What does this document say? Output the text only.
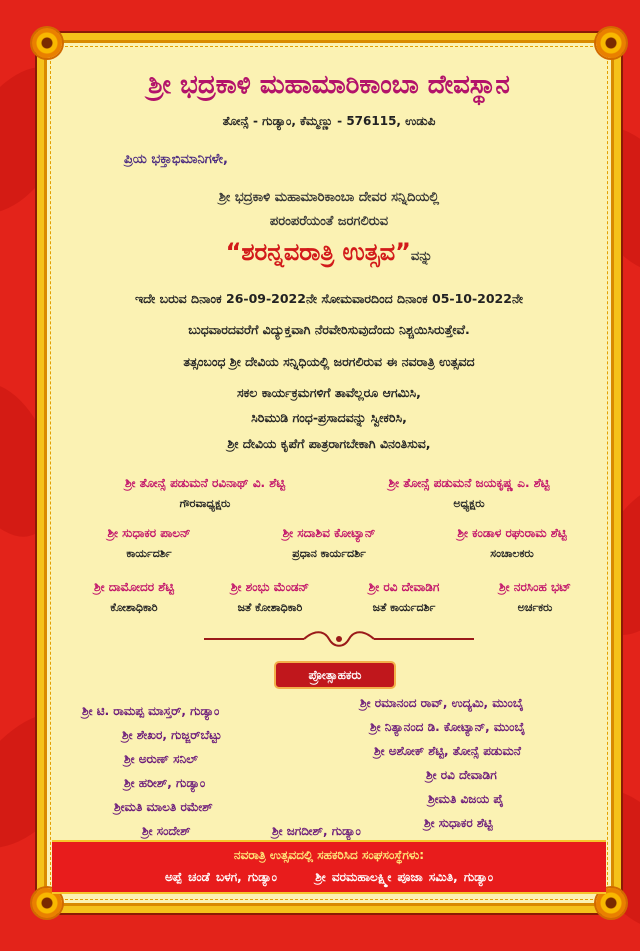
ಶ್ರೀ ಭದ್ರಕಾಳಿ ಮಹಾಮಾರಿಕಾಂಬಾ ದೇವಸ್ಥಾನ
ತೋನ್ಸೆ - ಗುಡ್ಯಾಂ, ಕೆಮ್ಮಣ್ಣು - 576115, ಉಡುಪಿ
ಪ್ರಿಯ ಭಕ್ತಾಭಿಮಾನಿಗಳೇ,
ಶ್ರೀ ಭದ್ರಕಾಳಿ ಮಹಾಮಾರಿಕಾಂಬಾ ದೇವರ ಸನ್ನಿದಿಯಲ್ಲಿ
ಪರಂಪರೆಯಂತೆ ಜರಗಲಿರುವ
“ಶರನ್ನವರಾತ್ರಿ ಉತ್ಸವ”ವನ್ನು
ಇದೇ ಬರುವ ದಿನಾಂಕ 26-09-2022ನೇ ಸೋಮವಾರದಿಂದ ದಿನಾಂಕ 05-10-2022ನೇ
ಬುಧವಾರದವರೆಗೆ ವಿದ್ಯುಕ್ತವಾಗಿ ನೆರವೇರಿಸುವುದೆಂದು ನಿಶ್ಚಯಿಸಿರುತ್ತೇವೆ.
ತತ್ಸಂಬಂಧ ಶ್ರೀ ದೇವಿಯ ಸನ್ನಿಧಿಯಲ್ಲಿ ಜರಗಲಿರುವ ಈ ನವರಾತ್ರಿ ಉತ್ಸವದ
ಸಕಲ ಕಾರ್ಯಕ್ರಮಗಳಿಗೆ ತಾವೆಲ್ಲರೂ ಆಗಮಿಸಿ,
ಸಿರಿಮುಡಿ ಗಂಧ-ಪ್ರಸಾದವನ್ನು ಸ್ವೀಕರಿಸಿ,
ಶ್ರೀ ದೇವಿಯ ಕೃಪೆಗೆ ಪಾತ್ರರಾಗಬೇಕಾಗಿ ವಿನಂತಿಸುವ,
ಶ್ರೀ ತೋನ್ಸೆ ಪಡುಮನೆ ರವಿನಾಥ್ ವಿ. ಶೆಟ್ಟಿ
ಗೌರವಾಧ್ಯಕ್ಷರು
ಶ್ರೀ ತೋನ್ಸೆ ಪಡುಮನೆ ಜಯಕೃಷ್ಣ ಎ. ಶೆಟ್ಟಿ
ಅಧ್ಯಕ್ಷರು
ಶ್ರೀ ಸುಧಾಕರ ಪಾಲನ್
ಕಾರ್ಯದರ್ಶಿ
ಶ್ರೀ ಸದಾಶಿವ ಕೋಟ್ಯಾನ್
ಪ್ರಧಾನ ಕಾರ್ಯದರ್ಶಿ
ಶ್ರೀ ಕಂಡಾಳ ರಘುರಾಮ ಶೆಟ್ಟಿ
ಸಂಚಾಲಕರು
ಶ್ರೀ ದಾಮೋದರ ಶೆಟ್ಟಿ
ಕೋಶಾಧಿಕಾರಿ
ಶ್ರೀ ಶಂಭು ಮೆಂಡನ್
ಜತೆ ಕೋಶಾಧಿಕಾರಿ
ಶ್ರೀ ರವಿ ದೇವಾಡಿಗ
ಜತೆ ಕಾರ್ಯದರ್ಶಿ
ಶ್ರೀ ನರಸಿಂಹ ಭಟ್
ಅರ್ಚಕರು
ಪ್ರೋತ್ಸಾಹಕರು
ಶ್ರೀ ಟಿ. ರಾಮಪ್ಪ ಮಾಸ್ತರ್, ಗುಡ್ಯಾಂ
ಶ್ರೀ ಶೇಖರ, ಗುಜ್ಜರ್‌ಬೆಟ್ಟು
ಶ್ರೀ ಅರುಣ್ ಸನಿಲ್
ಶ್ರೀ ಹರೀಶ್, ಗುಡ್ಯಾಂ
ಶ್ರೀಮತಿ ಮಾಲತಿ ರಮೇಶ್
ಶ್ರೀ ಸಂದೇಶ್	ಶ್ರೀ ಜಗದೀಶ್, ಗುಡ್ಯಾಂ
ಶ್ರೀ ರಮಾನಂದ ರಾವ್, ಉದ್ಯಮಿ, ಮುಂಬೈ
ಶ್ರೀ ನಿತ್ಯಾನಂದ ಡಿ. ಕೋಟ್ಯಾನ್, ಮುಂಬೈ
ಶ್ರೀ ಅಶೋಕ್ ಶೆಟ್ಟಿ, ತೋನ್ಸೆ ಪಡುಮನೆ
ಶ್ರೀ ರವಿ ದೇವಾಡಿಗ
ಶ್ರೀಮತಿ ವಿಜಯ ಪೈ
ಶ್ರೀ ಸುಧಾಕರ ಶೆಟ್ಟಿ
ನವರಾತ್ರಿ ಉತ್ಸವದಲ್ಲಿ ಸಹಕರಿಸಿದ ಸಂಘಸಂಸ್ಥೆಗಳು:
ಅಪ್ಪೆ ಚಂಡೆ ಬಳಗ, ಗುಡ್ಯಾಂ	ಶ್ರೀ ವರಮಹಾಲಕ್ಷ್ಮೀ ಪೂಜಾ ಸಮಿತಿ, ಗುಡ್ಯಾಂ
